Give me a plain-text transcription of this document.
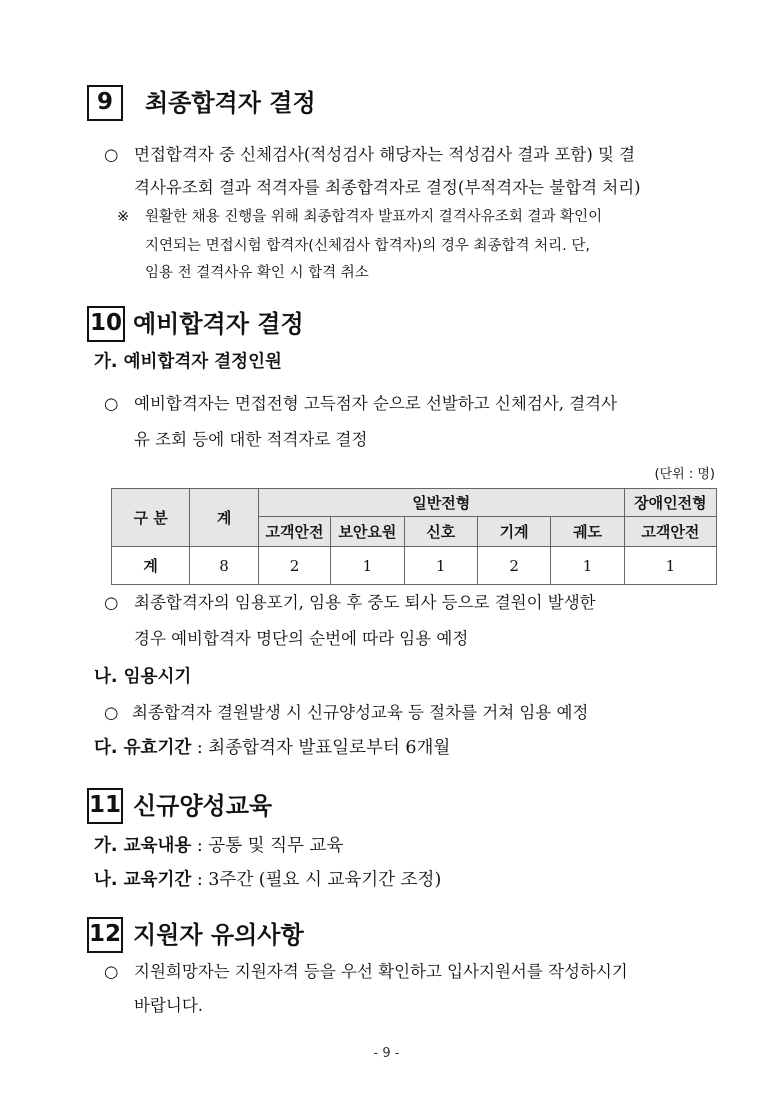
9	최종합격자 결정
○ 면접합격자 중 신체검사(적성검사 해당자는 적성검사 결과 포함) 및 결
격사유조회 결과 적격자를 최종합격자로 결정(부적격자는 불합격 처리)
※ 원활한 채용 진행을 위해 최종합격자 발표까지 결격사유조회 결과 확인이
지연되는 면접시험 합격자(신체검사 합격자)의 경우 최종합격 처리. 단,
임용 전 결격사유 확인 시 합격 취소
10 예비합격자 결정
가. 예비합격자 결정인원
○ 예비합격자는 면접전형 고득점자 순으로 선발하고 신체검사, 결격사
유 조회 등에 대한 적격자로 결정
(단위 : 명)
구 분	계	일반전형					장애인전형
		고객안전	보안요원	신호	기계	궤도	고객안전
계	8	2	1	1	2	1	1
○ 최종합격자의 임용포기, 임용 후 중도 퇴사 등으로 결원이 발생한
경우 예비합격자 명단의 순번에 따라 임용 예정
나. 임용시기
○ 최종합격자 결원발생 시 신규양성교육 등 절차를 거쳐 임용 예정
다. 유효기간 : 최종합격자 발표일로부터 6개월
11 신규양성교육
가. 교육내용 : 공통 및 직무 교육
나. 교육기간 : 3주간 (필요 시 교육기간 조정)
12 지원자 유의사항
○ 지원희망자는 지원자격 등을 우선 확인하고 입사지원서를 작성하시기
바랍니다.
- 9 -
